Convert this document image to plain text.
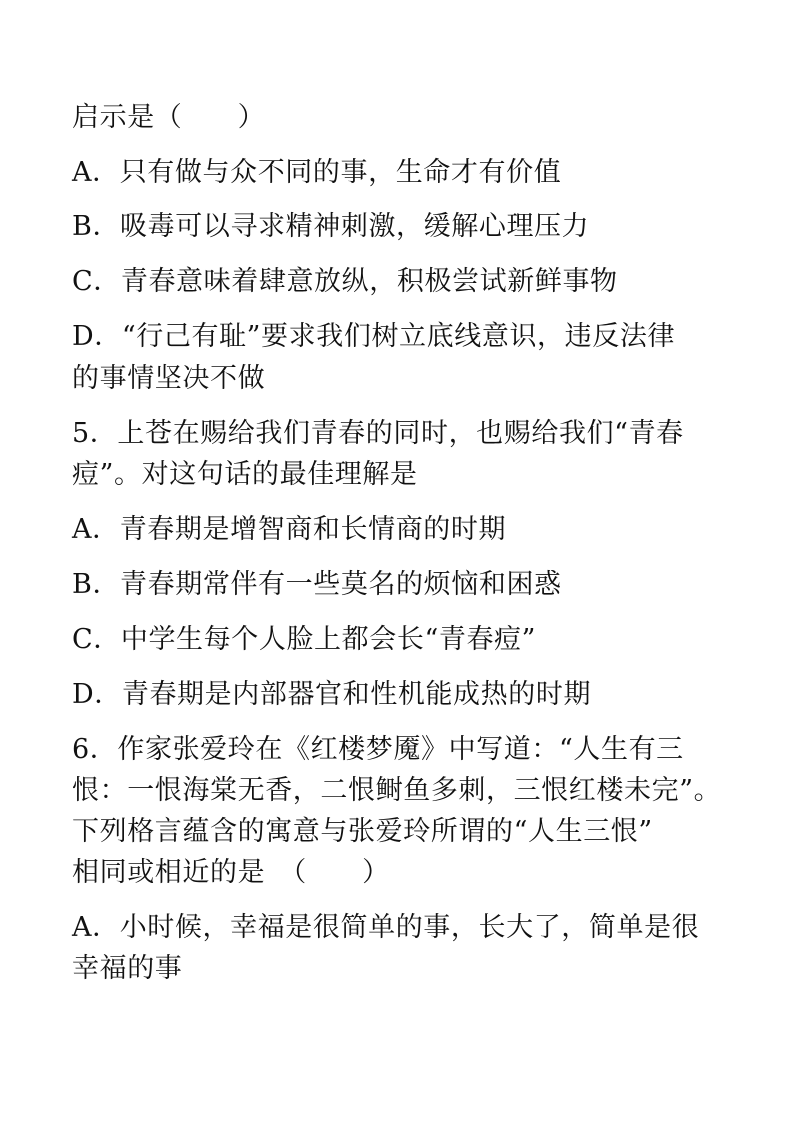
启示是（　　）
A．只有做与众不同的事，生命才有价值
B．吸毒可以寻求精神刺激，缓解心理压力
C．青春意味着肆意放纵，积极尝试新鲜事物
D．“行己有耻”要求我们树立底线意识，违反法律
的事情坚决不做
5．上苍在赐给我们青春的同时，也赐给我们“青春
痘”。对这句话的最佳理解是
A．青春期是增智商和长情商的时期
B．青春期常伴有一些莫名的烦恼和困惑
C．中学生每个人脸上都会长“青春痘”
D．青春期是内部器官和性机能成热的时期
6．作家张爱玲在《红楼梦魇》中写道：“人生有三
恨：一恨海棠无香，二恨鲥鱼多刺，三恨红楼未完”。
下列格言蕴含的寓意与张爱玲所谓的“人生三恨”
相同或相近的是　（　　）
A．小时候，幸福是很简单的事，长大了，简单是很
幸福的事
